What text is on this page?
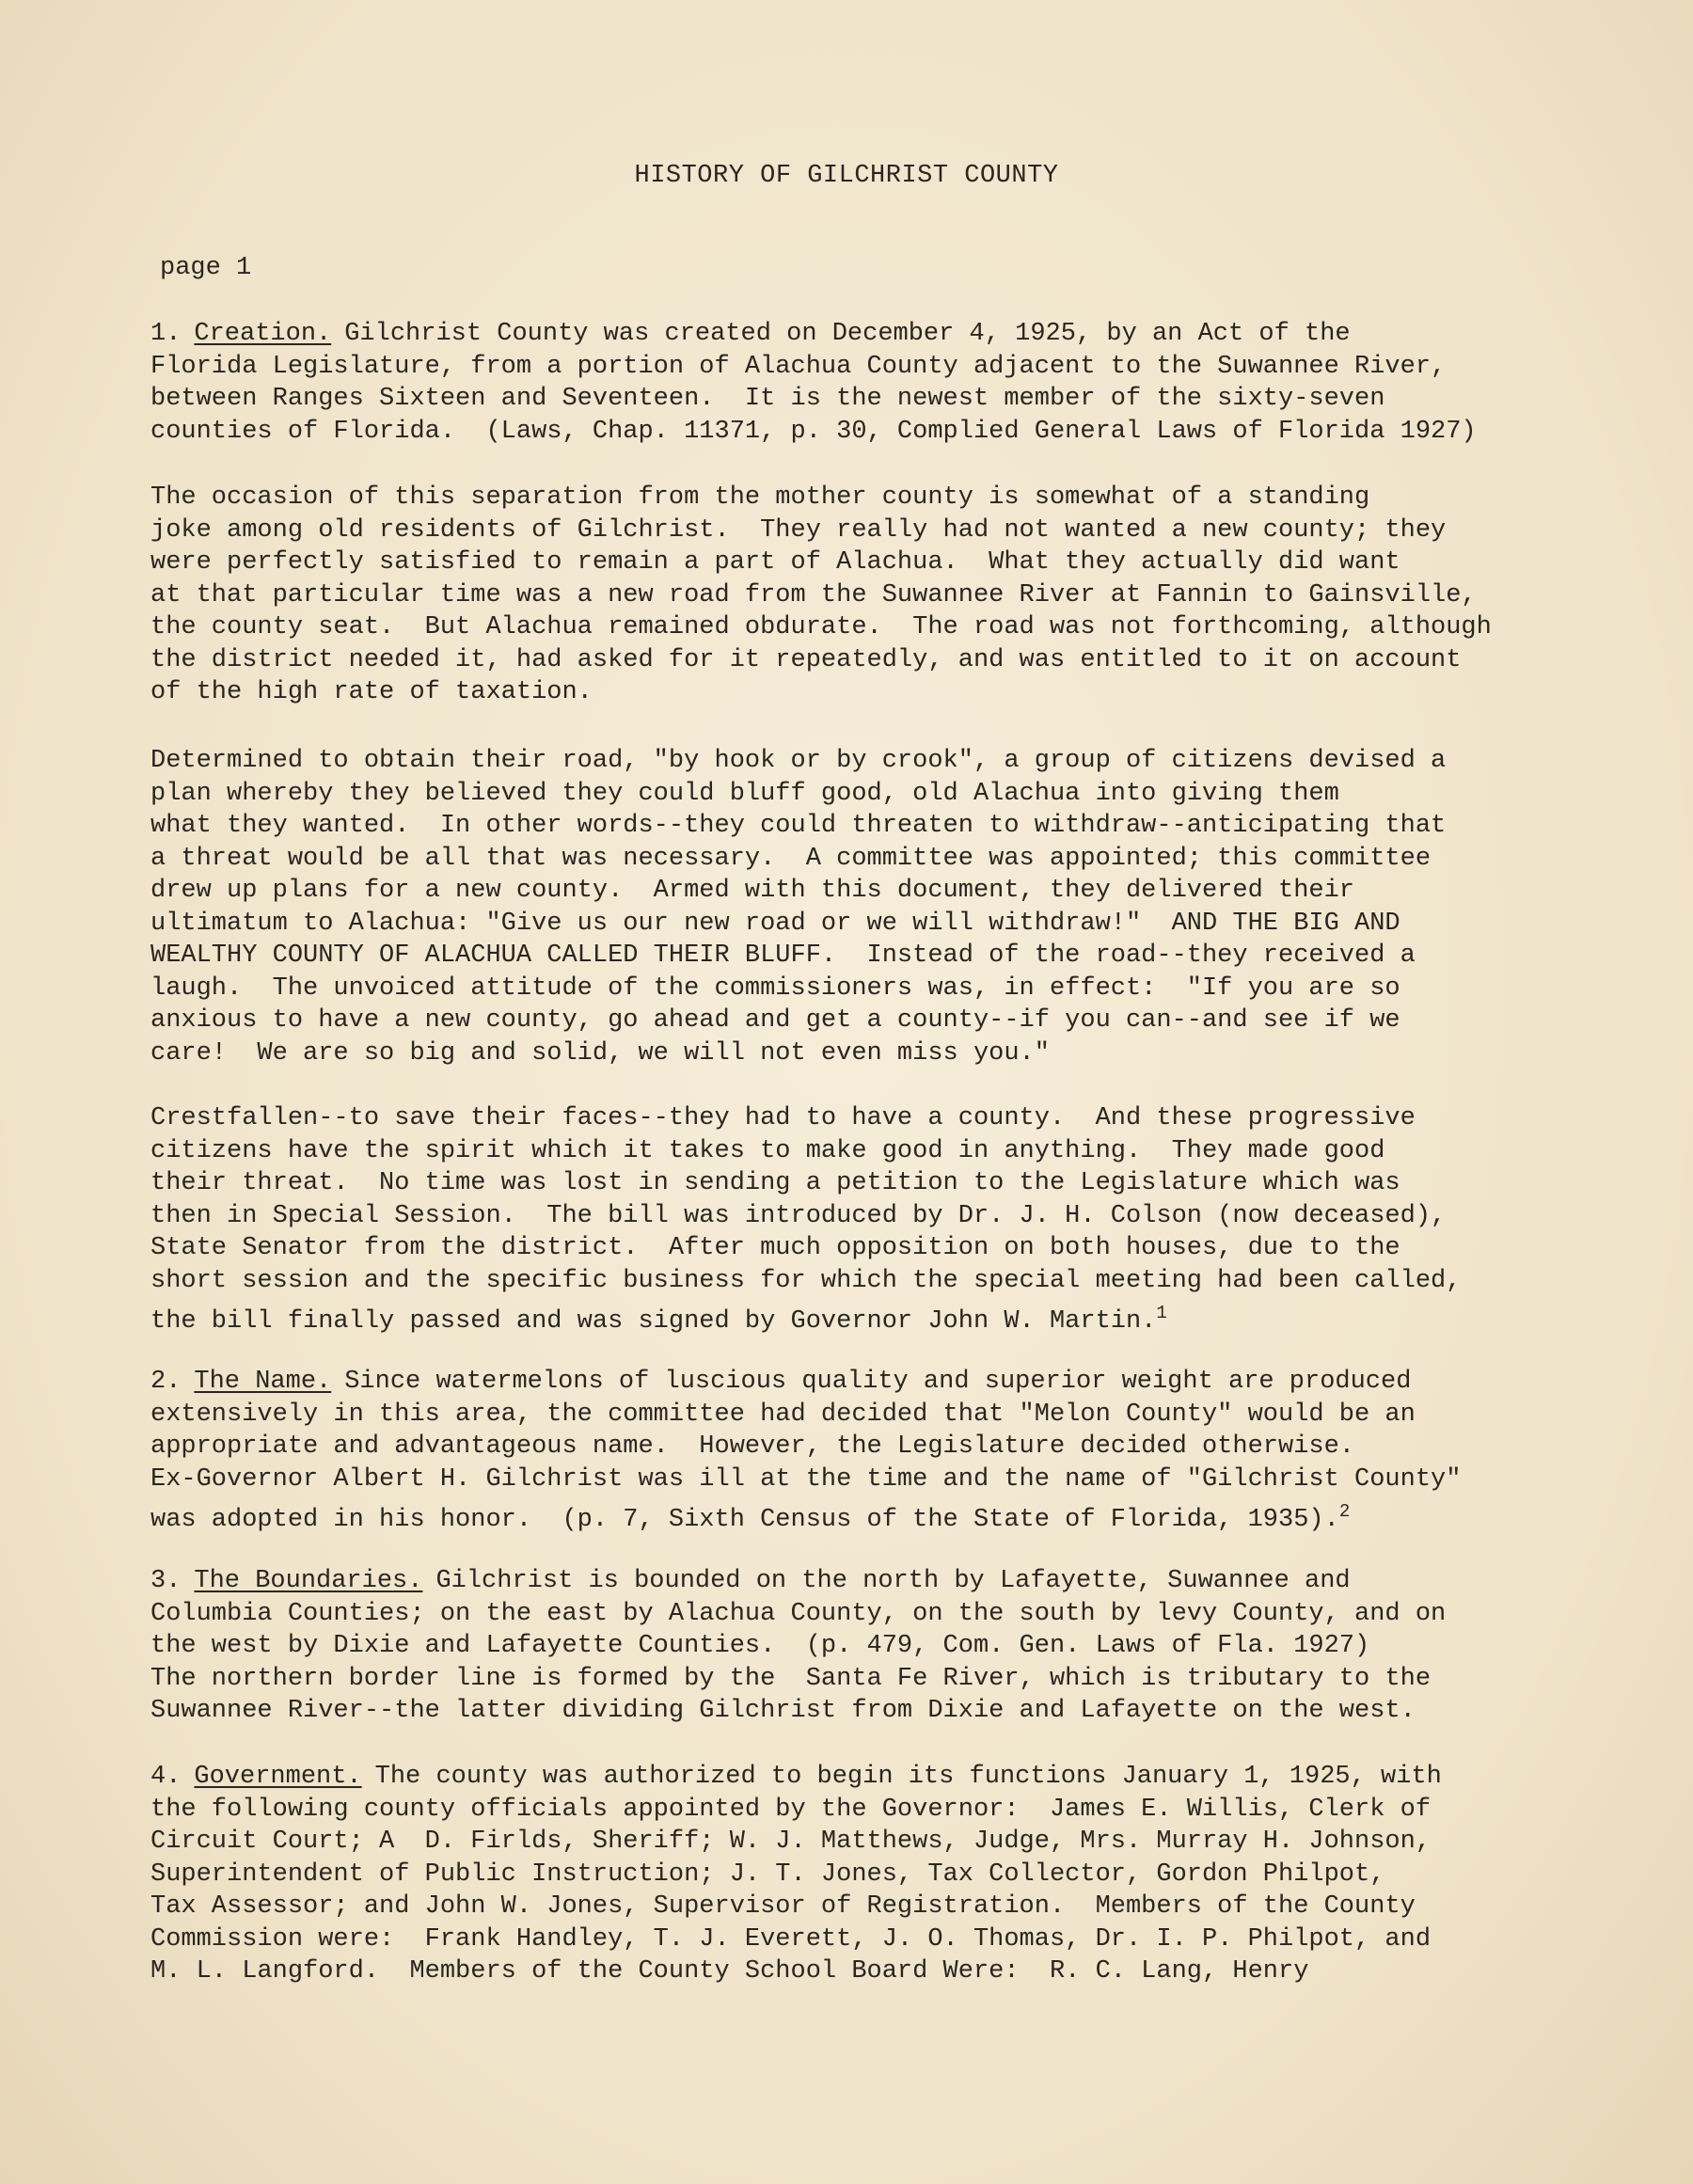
HISTORY OF GILCHRIST COUNTY
page 1
1. Creation. Gilchrist County was created on December 4, 1925, by an Act of the
Florida Legislature, from a portion of Alachua County adjacent to the Suwannee River,
between Ranges Sixteen and Seventeen.  It is the newest member of the sixty-seven
counties of Florida.  (Laws, Chap. 11371, p. 30, Complied General Laws of Florida 1927)
The occasion of this separation from the mother county is somewhat of a standing
joke among old residents of Gilchrist.  They really had not wanted a new county; they
were perfectly satisfied to remain a part of Alachua.  What they actually did want
at that particular time was a new road from the Suwannee River at Fannin to Gainsville,
the county seat.  But Alachua remained obdurate.  The road was not forthcoming, although
the district needed it, had asked for it repeatedly, and was entitled to it on account
of the high rate of taxation.
Determined to obtain their road, "by hook or by crook", a group of citizens devised a
plan whereby they believed they could bluff good, old Alachua into giving them
what they wanted.  In other words--they could threaten to withdraw--anticipating that
a threat would be all that was necessary.  A committee was appointed; this committee
drew up plans for a new county.  Armed with this document, they delivered their
ultimatum to Alachua: "Give us our new road or we will withdraw!"  AND THE BIG AND
WEALTHY COUNTY OF ALACHUA CALLED THEIR BLUFF.  Instead of the road--they received a
laugh.  The unvoiced attitude of the commissioners was, in effect:  "If you are so
anxious to have a new county, go ahead and get a county--if you can--and see if we
care!  We are so big and solid, we will not even miss you."
Crestfallen--to save their faces--they had to have a county.  And these progressive
citizens have the spirit which it takes to make good in anything.  They made good
their threat.  No time was lost in sending a petition to the Legislature which was
then in Special Session.  The bill was introduced by Dr. J. H. Colson (now deceased),
State Senator from the district.  After much opposition on both houses, due to the
short session and the specific business for which the special meeting had been called,
the bill finally passed and was signed by Governor John W. Martin.$^1$
2. The Name. Since watermelons of luscious quality and superior weight are produced
extensively in this area, the committee had decided that "Melon County" would be an
appropriate and advantageous name.  However, the Legislature decided otherwise.
Ex-Governor Albert H. Gilchrist was ill at the time and the name of "Gilchrist County"
was adopted in his honor.  (p. 7, Sixth Census of the State of Florida, 1935).$^2$
3. The Boundaries. Gilchrist is bounded on the north by Lafayette, Suwannee and
Columbia Counties; on the east by Alachua County, on the south by levy County, and on
the west by Dixie and Lafayette Counties.  (p. 479, Com. Gen. Laws of Fla. 1927)
The northern border line is formed by the  Santa Fe River, which is tributary to the
Suwannee River--the latter dividing Gilchrist from Dixie and Lafayette on the west.
4. Government. The county was authorized to begin its functions January 1, 1925, with
the following county officials appointed by the Governor:  James E. Willis, Clerk of
Circuit Court; A  D. Firlds, Sheriff; W. J. Matthews, Judge, Mrs. Murray H. Johnson,
Superintendent of Public Instruction; J. T. Jones, Tax Collector, Gordon Philpot,
Tax Assessor; and John W. Jones, Supervisor of Registration.  Members of the County
Commission were:  Frank Handley, T. J. Everett, J. O. Thomas, Dr. I. P. Philpot, and
M. L. Langford.  Members of the County School Board Were:  R. C. Lang, Henry
